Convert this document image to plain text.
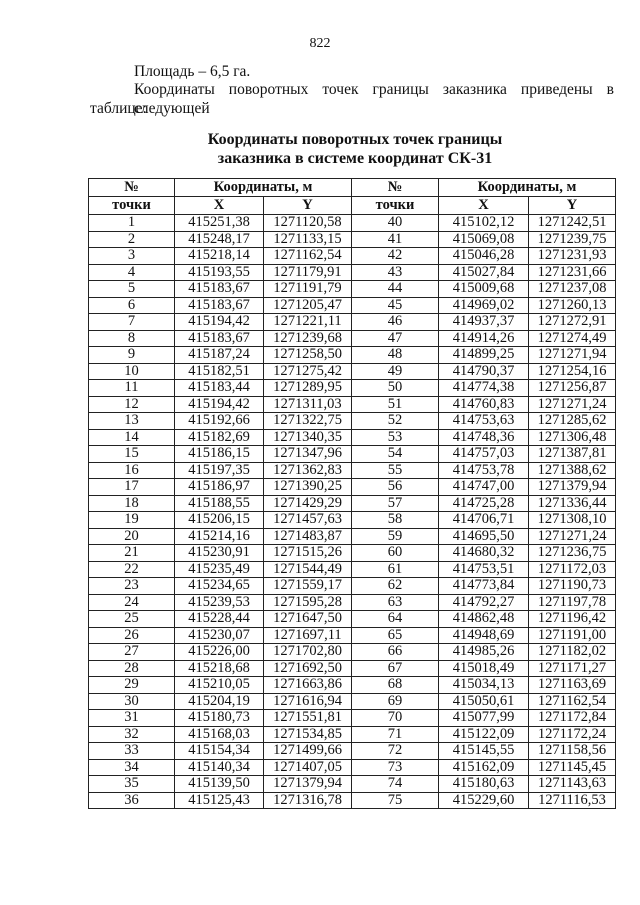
822
Площадь – 6,5 га.
Координаты поворотных точек границы заказника приведены в следующей
таблице:
Координаты поворотных точек границы
заказника в системе координат СК-31
№	Координаты, м		№	Координаты, м	
точки	X	Y	точки	X	Y
1	415251,38	1271120,58	40	415102,12	1271242,51
2	415248,17	1271133,15	41	415069,08	1271239,75
3	415218,14	1271162,54	42	415046,28	1271231,93
4	415193,55	1271179,91	43	415027,84	1271231,66
5	415183,67	1271191,79	44	415009,68	1271237,08
6	415183,67	1271205,47	45	414969,02	1271260,13
7	415194,42	1271221,11	46	414937,37	1271272,91
8	415183,67	1271239,68	47	414914,26	1271274,49
9	415187,24	1271258,50	48	414899,25	1271271,94
10	415182,51	1271275,42	49	414790,37	1271254,16
11	415183,44	1271289,95	50	414774,38	1271256,87
12	415194,42	1271311,03	51	414760,83	1271271,24
13	415192,66	1271322,75	52	414753,63	1271285,62
14	415182,69	1271340,35	53	414748,36	1271306,48
15	415186,15	1271347,96	54	414757,03	1271387,81
16	415197,35	1271362,83	55	414753,78	1271388,62
17	415186,97	1271390,25	56	414747,00	1271379,94
18	415188,55	1271429,29	57	414725,28	1271336,44
19	415206,15	1271457,63	58	414706,71	1271308,10
20	415214,16	1271483,87	59	414695,50	1271271,24
21	415230,91	1271515,26	60	414680,32	1271236,75
22	415235,49	1271544,49	61	414753,51	1271172,03
23	415234,65	1271559,17	62	414773,84	1271190,73
24	415239,53	1271595,28	63	414792,27	1271197,78
25	415228,44	1271647,50	64	414862,48	1271196,42
26	415230,07	1271697,11	65	414948,69	1271191,00
27	415226,00	1271702,80	66	414985,26	1271182,02
28	415218,68	1271692,50	67	415018,49	1271171,27
29	415210,05	1271663,86	68	415034,13	1271163,69
30	415204,19	1271616,94	69	415050,61	1271162,54
31	415180,73	1271551,81	70	415077,99	1271172,84
32	415168,03	1271534,85	71	415122,09	1271172,24
33	415154,34	1271499,66	72	415145,55	1271158,56
34	415140,34	1271407,05	73	415162,09	1271145,45
35	415139,50	1271379,94	74	415180,63	1271143,63
36	415125,43	1271316,78	75	415229,60	1271116,53
